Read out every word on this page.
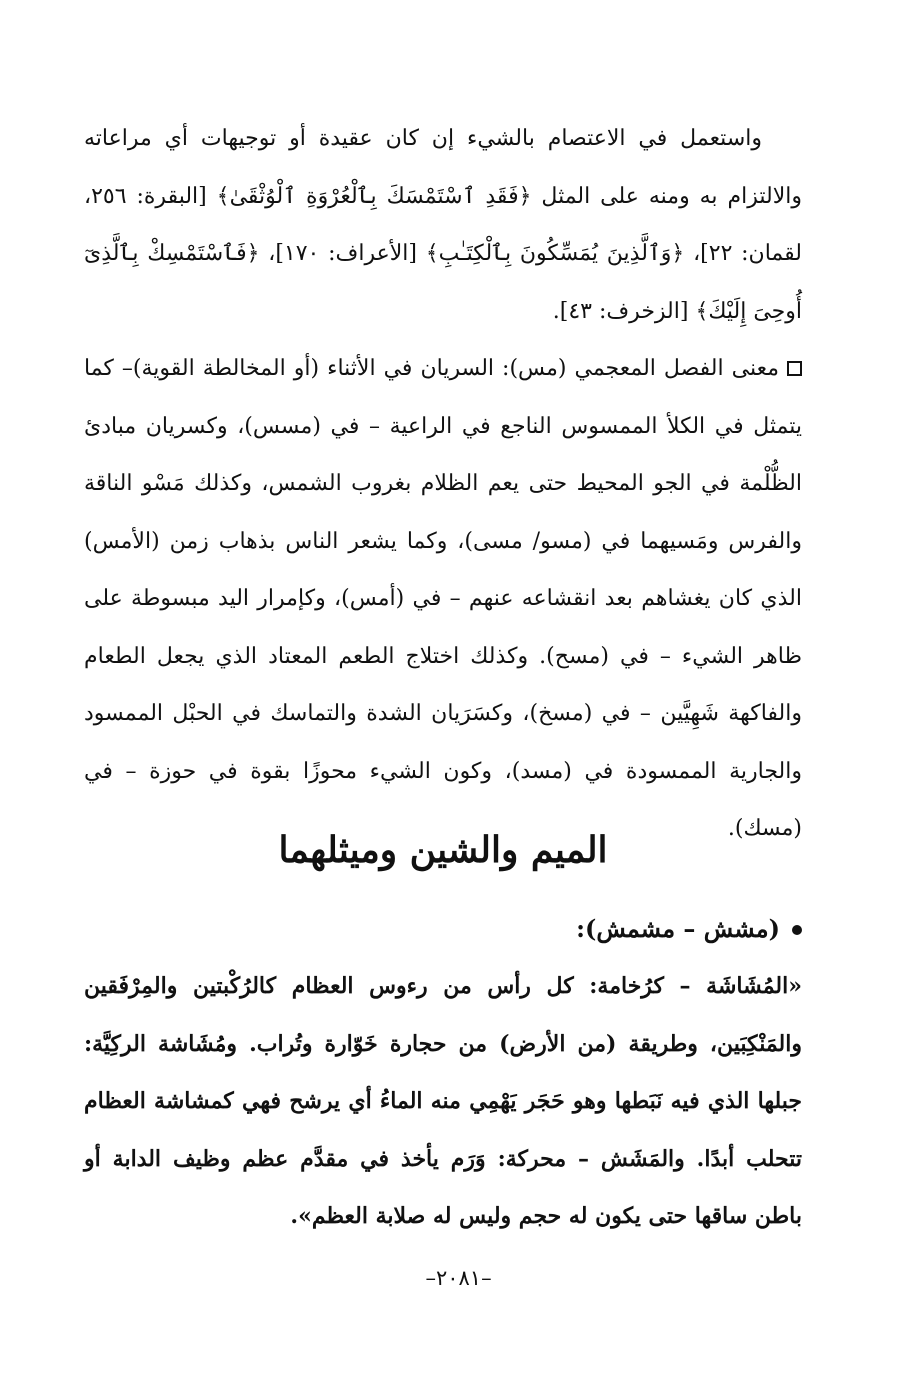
واستعمل في الاعتصام بالشيء إن كان عقيدة أو توجيهات أي مراعاته والالتزام به ومنه على المثل ﴿فَقَدِ ٱسْتَمْسَكَ بِٱلْعُرْوَةِ ٱلْوُثْقَىٰ﴾ [البقرة: ٢٥٦، لقمان: ٢٢]، ﴿وَٱلَّذِينَ يُمَسِّكُونَ بِٱلْكِتَـٰبِ﴾ [الأعراف: ١٧٠]، ﴿فَٱسْتَمْسِكْ بِٱلَّذِىٓ أُوحِىَ إِلَيْكَ﴾ [الزخرف: ٤٣].

معنى الفصل المعجمي (مس): السريان في الأثناء (أو المخالطة القوية)– كما يتمثل في الكلأ الممسوس الناجع في الراعية – في (مسس)، وكسريان مبادئ الظُّلْمة في الجو المحيط حتى يعم الظلام بغروب الشمس، وكذلك مَسْو الناقة والفرس ومَسيهما في (مسو/ مسى)، وكما يشعر الناس بذهاب زمن (الأمس) الذي كان يغشاهم بعد انقشاعه عنهم – في (أمس)، وكإمرار اليد مبسوطة على ظاهر الشيء – في (مسح). وكذلك اختلاج الطعم المعتاد الذي يجعل الطعام والفاكهة شَهِيَّين – في (مسخ)، وكسَرَيان الشدة والتماسك في الحبْل الممسود والجارية الممسودة في (مسد)، وكون الشيء محوزًا بقوة في حوزة – في (مسك).

الميم والشين وميثلهما
(مشش – مشمش):

«المُشَاشَة – كرُخامة: كل رأس من رءوس العظام كالرُكْبتين والمِرْفَقين والمَنْكِبَين، وطريقة (من الأرض) من حجارة خَوّارة وتُراب. ومُشَاشة الركِيَّة: جبلها الذي فيه نَبَطها وهو حَجَر يَهْمِي منه الماءُ أي يرشح فهي كمشاشة العظام تتحلب أبدًا. والمَشَش – محركة: وَرَم يأخذ في مقدَّم عظم وظيف الدابة أو باطن ساقها حتى يكون له حجم وليس له صلابة العظم».

–٢٠٨١–
